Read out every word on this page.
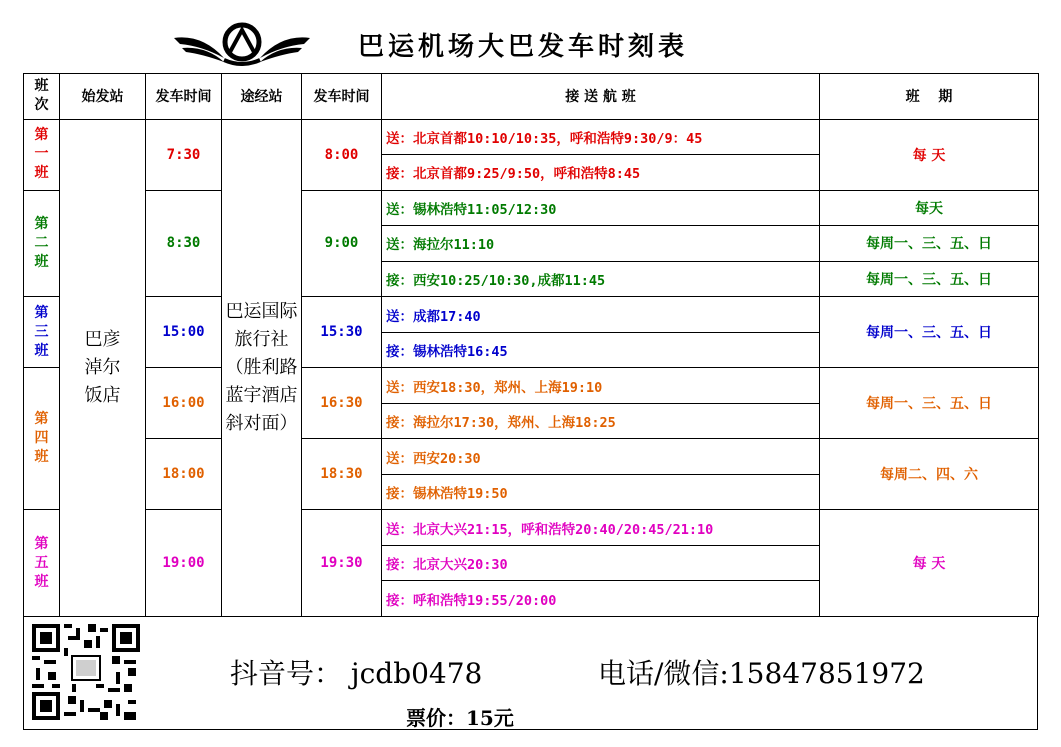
巴运机场大巴发车时刻表
班次	始发站	发车时间	途经站	发车时间	接 送 航 班	班　 期
第一班	巴彦淖尔饭店	7:30	巴运国际旅行社（胜利路蓝宇酒店斜对面）	8:00	送：北京首都10:10/10:35，呼和浩特9:30/9：45	每 天
					接：北京首都9:25/9:50，呼和浩特8:45	
第二班		8:30		9:00	送：锡林浩特11:05/12:30	每天
					送：海拉尔11:10	每周一、三、五、日
					接：西安10:25/10:30,成都11:45	每周一、三、五、日
第三班		15:00		15:30	送：成都17:40	每周一、三、五、日
					接：锡林浩特16:45	
第四班		16:00		16:30	送：西安18:30，郑州、上海19:10	每周一、三、五、日
					接：海拉尔17:30，郑州、上海18:25	
		18:00		18:30	送：西安20:30	每周二、四、六
					接：锡林浩特19:50	
第五班		19:00		19:30	送：北京大兴21:15，呼和浩特20:40/20:45/21:10	每 天
					接：北京大兴20:30	
					接：呼和浩特19:55/20:00	
抖音号： jcdb0478	电话/微信:15847851972
票价：15元
